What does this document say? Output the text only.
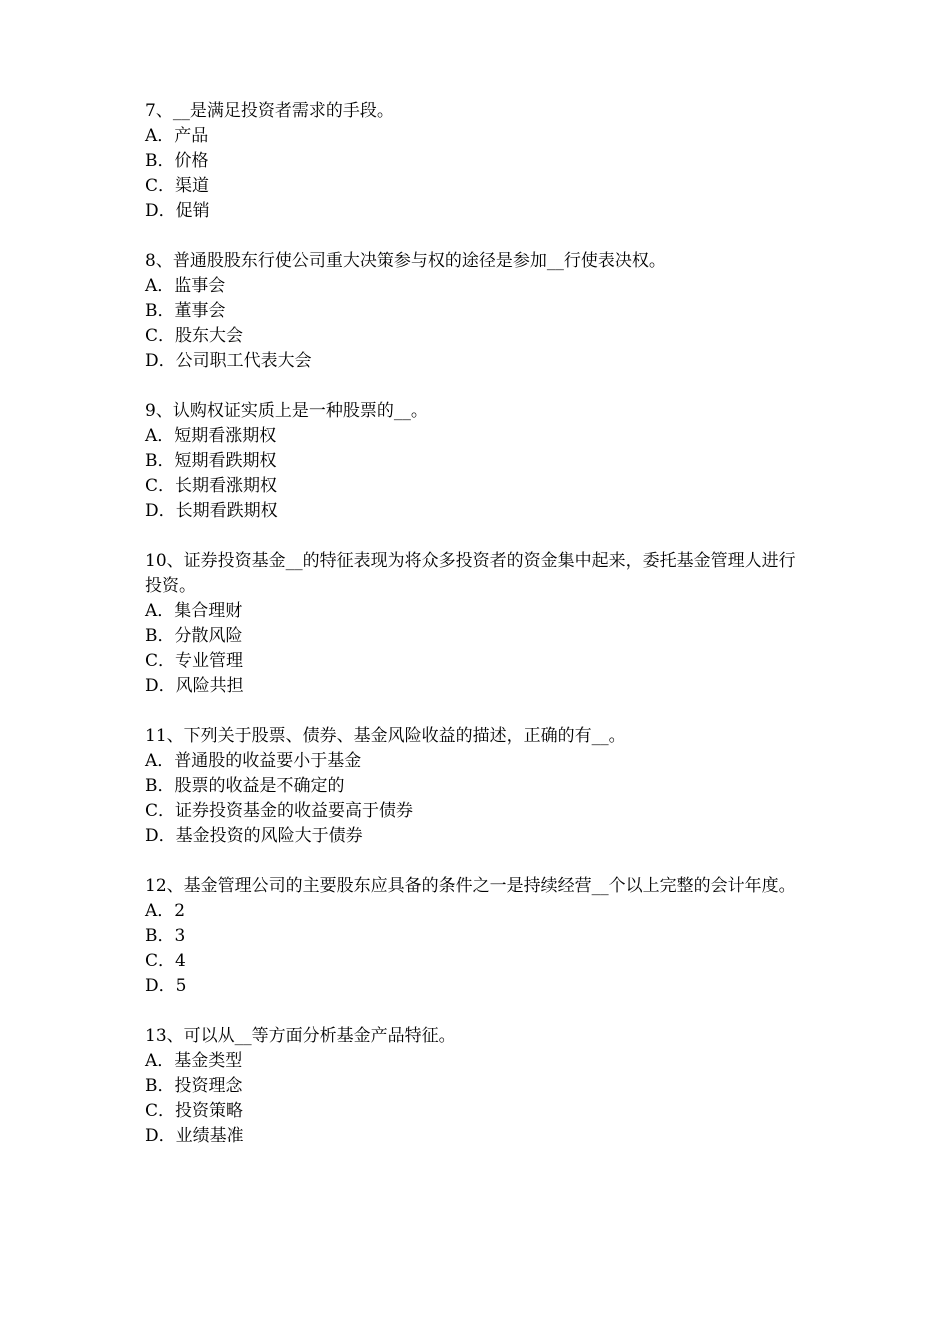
7、__是满足投资者需求的手段。

A．产品

B．价格

C．渠道

D．促销

8、普通股股东行使公司重大决策参与权的途径是参加__行使表决权。

A．监事会

B．董事会

C．股东大会

D．公司职工代表大会

9、认购权证实质上是一种股票的__。

A．短期看涨期权

B．短期看跌期权

C．长期看涨期权

D．长期看跌期权

10、证券投资基金__的特征表现为将众多投资者的资金集中起来，委托基金管理人进行投资。

A．集合理财

B．分散风险

C．专业管理

D．风险共担

11、下列关于股票、债券、基金风险收益的描述，正确的有__。

A．普通股的收益要小于基金

B．股票的收益是不确定的

C．证券投资基金的收益要高于债券

D．基金投资的风险大于债券

12、基金管理公司的主要股东应具备的条件之一是持续经营__个以上完整的会计年度。

A．2

B．3

C．4

D．5

13、可以从__等方面分析基金产品特征。

A．基金类型

B．投资理念

C．投资策略

D．业绩基准
